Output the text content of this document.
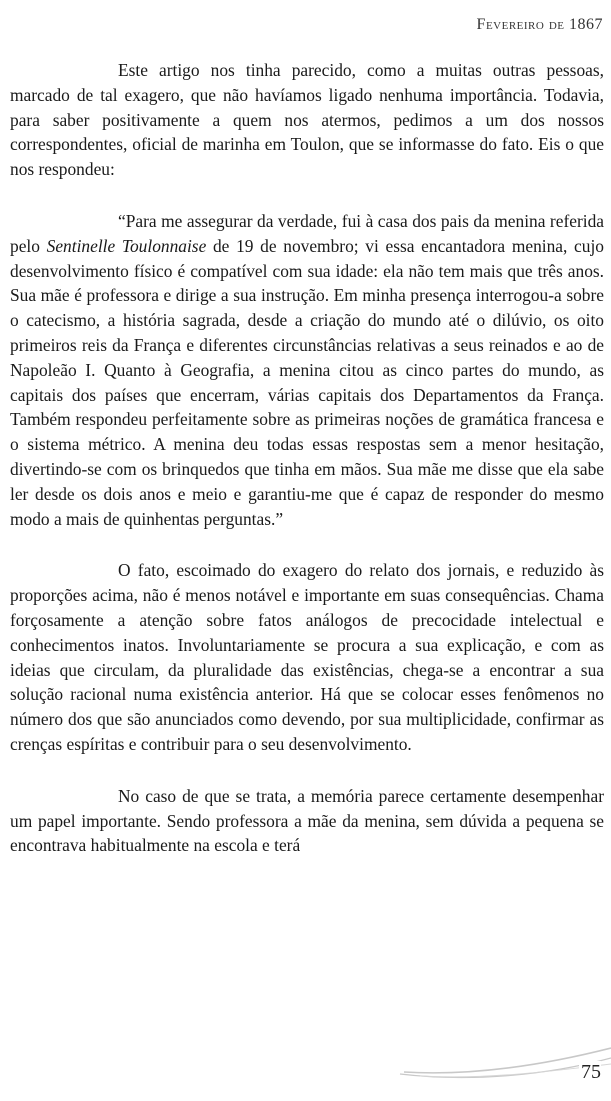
Fevereiro de 1867

Este artigo nos tinha parecido, como a muitas outras pessoas, marcado de tal exagero, que não havíamos ligado nenhuma importância. Todavia, para saber positivamente a quem nos atermos, pedimos a um dos nossos correspondentes, oficial de marinha em Toulon, que se informasse do fato. Eis o que nos respondeu:

“Para me assegurar da verdade, fui à casa dos pais da menina referida pelo Sentinelle Toulonnaise de 19 de novembro; vi essa encantadora menina, cujo desenvolvimento físico é compatível com sua idade: ela não tem mais que três anos. Sua mãe é professora e dirige a sua instrução. Em minha presença interrogou-a sobre o catecismo, a história sagrada, desde a criação do mundo até o dilúvio, os oito primeiros reis da França e diferentes circunstâncias relativas a seus reinados e ao de Napoleão I. Quanto à Geografia, a menina citou as cinco partes do mundo, as capitais dos países que encerram, várias capitais dos Departamentos da França. Também respondeu perfeitamente sobre as primeiras noções de gramática francesa e o sistema métrico. A menina deu todas essas respostas sem a menor hesitação, divertindo-se com os brinquedos que tinha em mãos. Sua mãe me disse que ela sabe ler desde os dois anos e meio e garantiu-me que é capaz de responder do mesmo modo a mais de quinhentas perguntas.”

O fato, escoimado do exagero do relato dos jornais, e reduzido às proporções acima, não é menos notável e importante em suas consequências. Chama forçosamente a atenção sobre fatos análogos de precocidade intelectual e conhecimentos inatos. Involuntariamente se procura a sua explicação, e com as ideias que circulam, da pluralidade das existências, chega-se a encontrar a sua solução racional numa existência anterior. Há que se colocar esses fenômenos no número dos que são anunciados como devendo, por sua multiplicidade, confirmar as crenças espíritas e contribuir para o seu desenvolvimento.

No caso de que se trata, a memória parece certamente desempenhar um papel importante. Sendo professora a mãe da menina, sem dúvida a pequena se encontrava habitualmente na escola e terá

75
